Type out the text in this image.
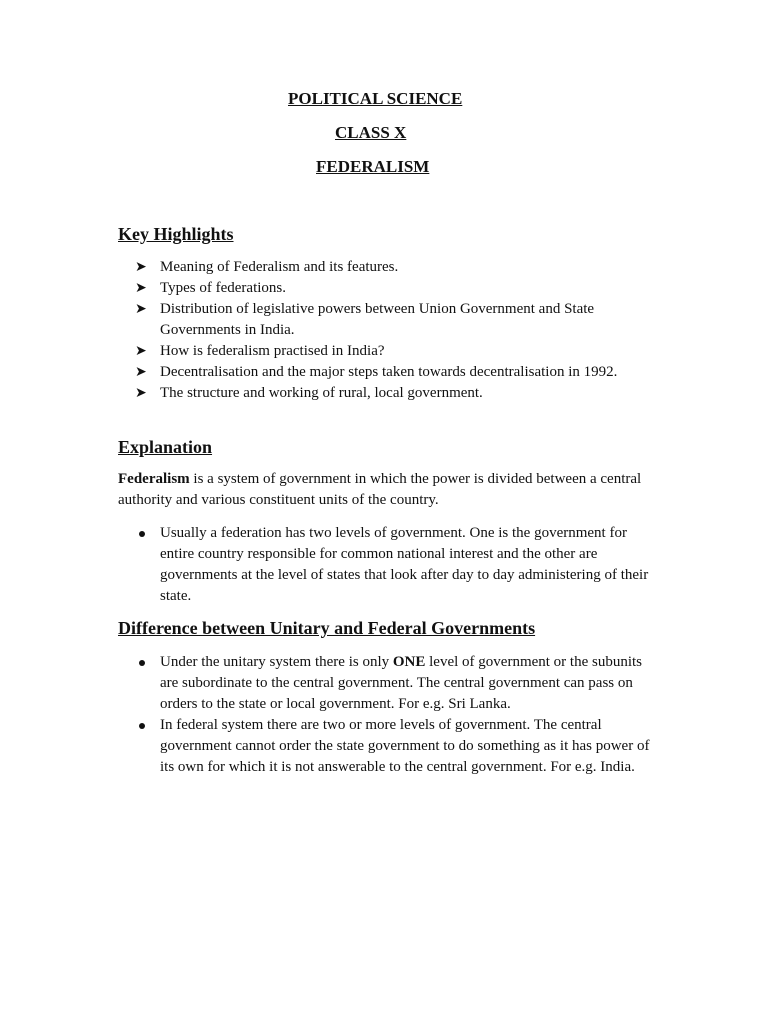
POLITICAL SCIENCE
CLASS X
FEDERALISM
Key Highlights
➤ Meaning of Federalism and its features.
➤ Types of federations.
➤ Distribution of legislative powers between Union Government and State Governments in India.
➤ How is federalism practised in India?
➤ Decentralisation and the major steps taken towards decentralisation in 1992.
➤ The structure and working of rural, local government.
Explanation

Federalism is a system of government in which the power is divided between a central authority and various constituent units of the country.

Usually a federation has two levels of government. One is the government for entire country responsible for common national interest and the other are governments at the level of states that look after day to day administering of their state.
Difference between Unitary and Federal Governments
Under the unitary system there is only ONE level of government or the subunits are subordinate to the central government. The central government can pass on orders to the state or local government. For e.g. Sri Lanka.
In federal system there are two or more levels of government. The central government cannot order the state government to do something as it has power of its own for which it is not answerable to the central government. For e.g. India.
